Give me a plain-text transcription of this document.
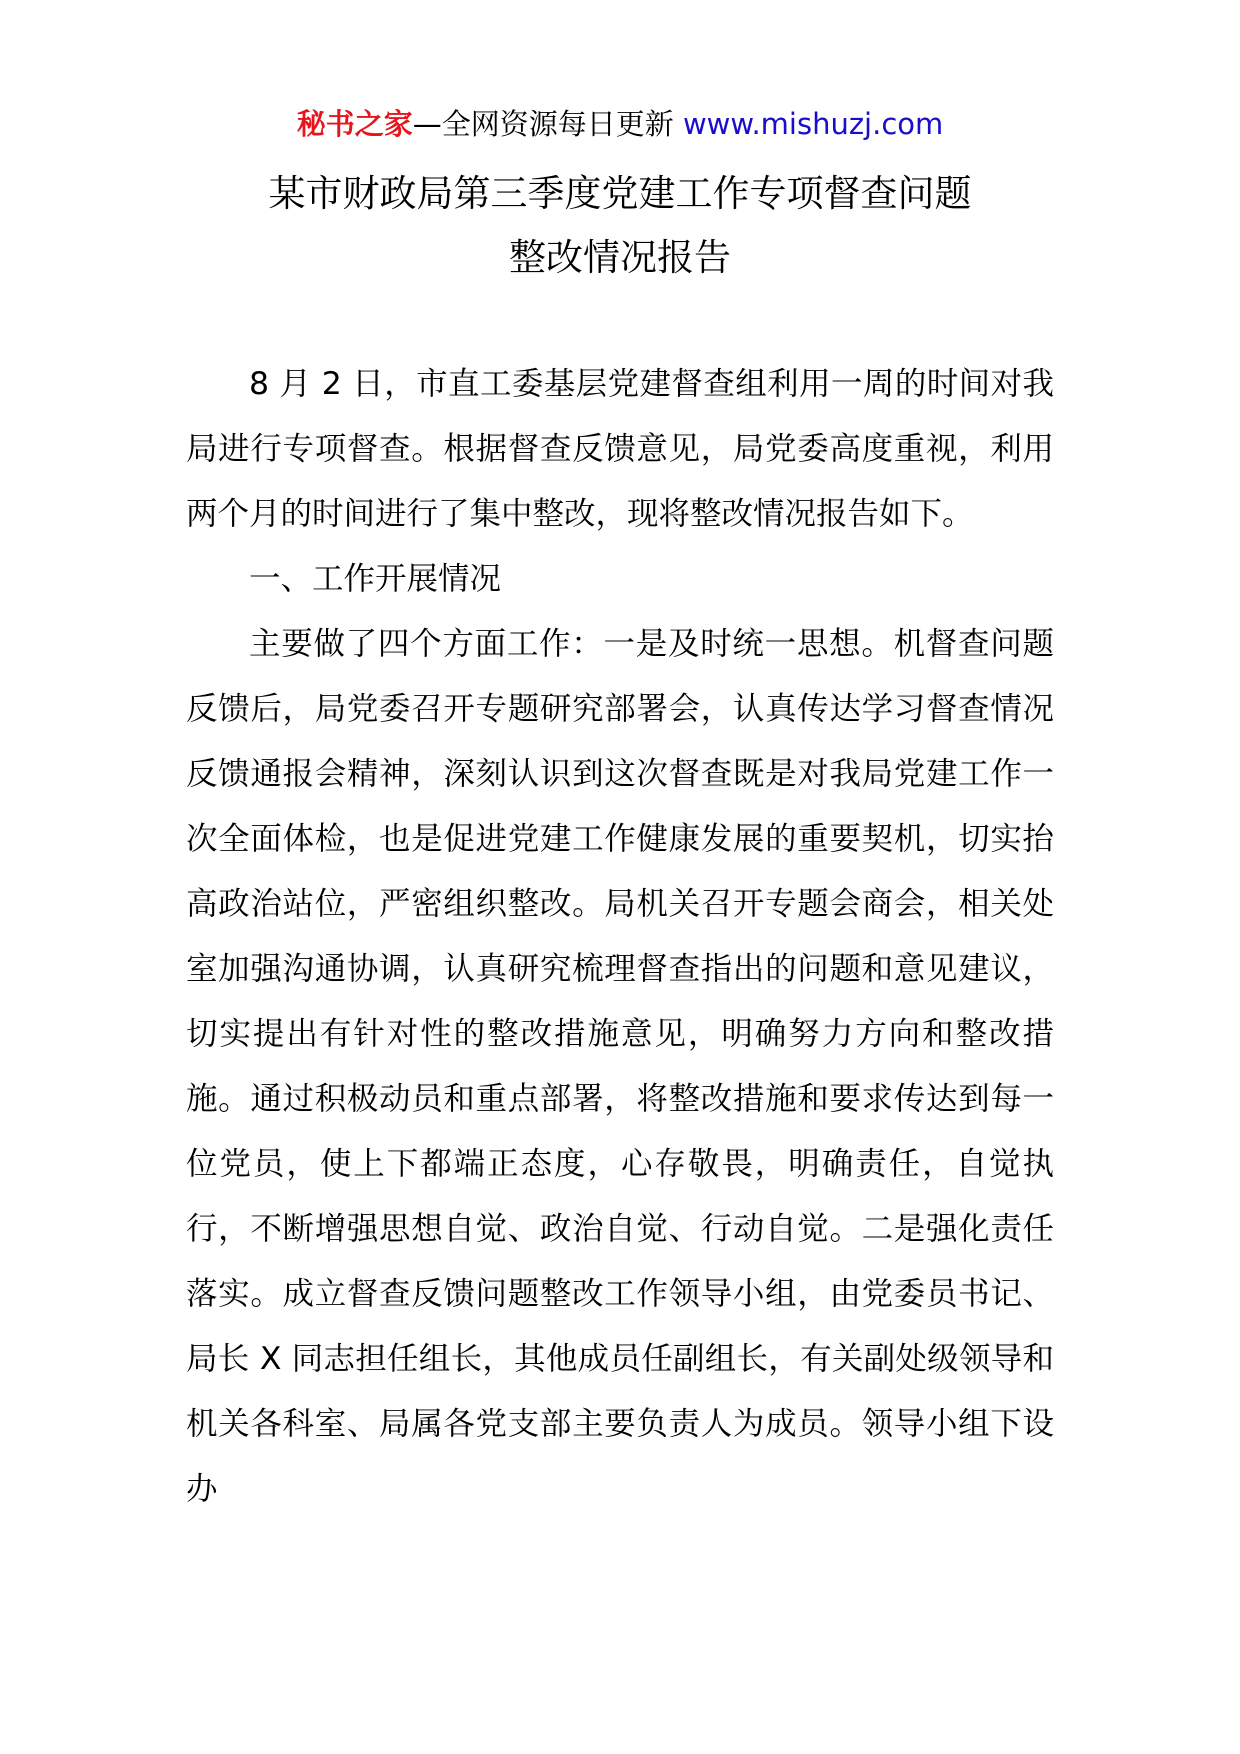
秘书之家—全网资源每日更新 www.mishuzj.com
某市财政局第三季度党建工作专项督查问题
整改情况报告

8 月 2 日，市直工委基层党建督查组利用一周的时间对我局进行专项督查。根据督查反馈意见，局党委高度重视，利用两个月的时间进行了集中整改，现将整改情况报告如下。

一、工作开展情况

主要做了四个方面工作：一是及时统一思想。机督查问题反馈后，局党委召开专题研究部署会，认真传达学习督查情况反馈通报会精神，深刻认识到这次督查既是对我局党建工作一次全面体检，也是促进党建工作健康发展的重要契机，切实抬高政治站位，严密组织整改。局机关召开专题会商会，相关处室加强沟通协调，认真研究梳理督查指出的问题和意见建议，切实提出有针对性的整改措施意见，明确努力方向和整改措施。通过积极动员和重点部署，将整改措施和要求传达到每一位党员，使上下都端正态度，心存敬畏，明确责任，自觉执行，不断增强思想自觉、政治自觉、行动自觉。二是强化责任落实。成立督查反馈问题整改工作领导小组，由党委员书记、局长 X 同志担任组长，其他成员任副组长，有关副处级领导和机关各科室、局属各党支部主要负责人为成员。领导小组下设办
